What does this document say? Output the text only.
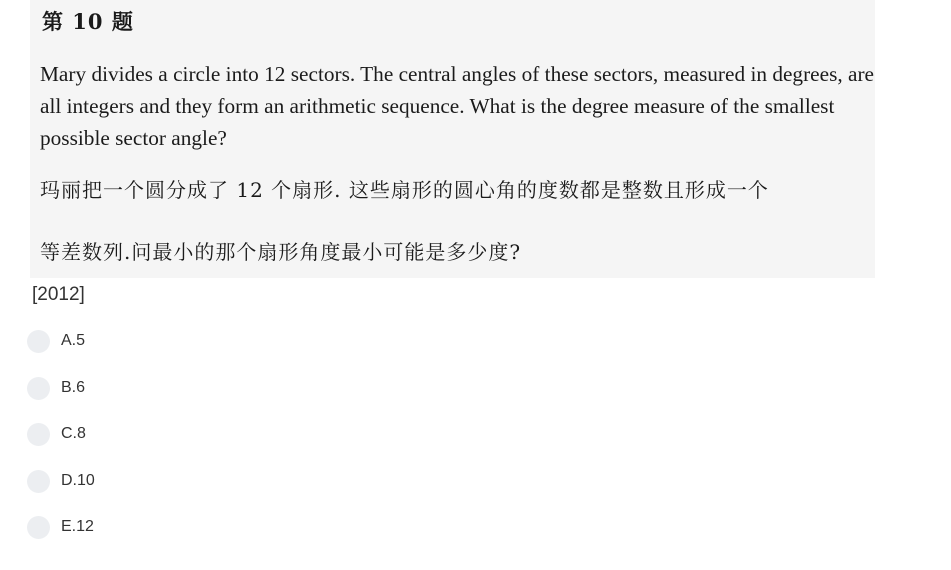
第 10 题
Mary divides a circle into 12 sectors. The central angles of these sectors, measured in degrees, are all integers and they form an arithmetic sequence. What is the degree measure of the smallest possible sector angle?
玛丽把一个圆分成了 12 个扇形. 这些扇形的圆心角的度数都是整数且形成一个
等差数列.问最小的那个扇形角度最小可能是多少度?
[2012]
A.5
B.6
C.8
D.10
E.12
